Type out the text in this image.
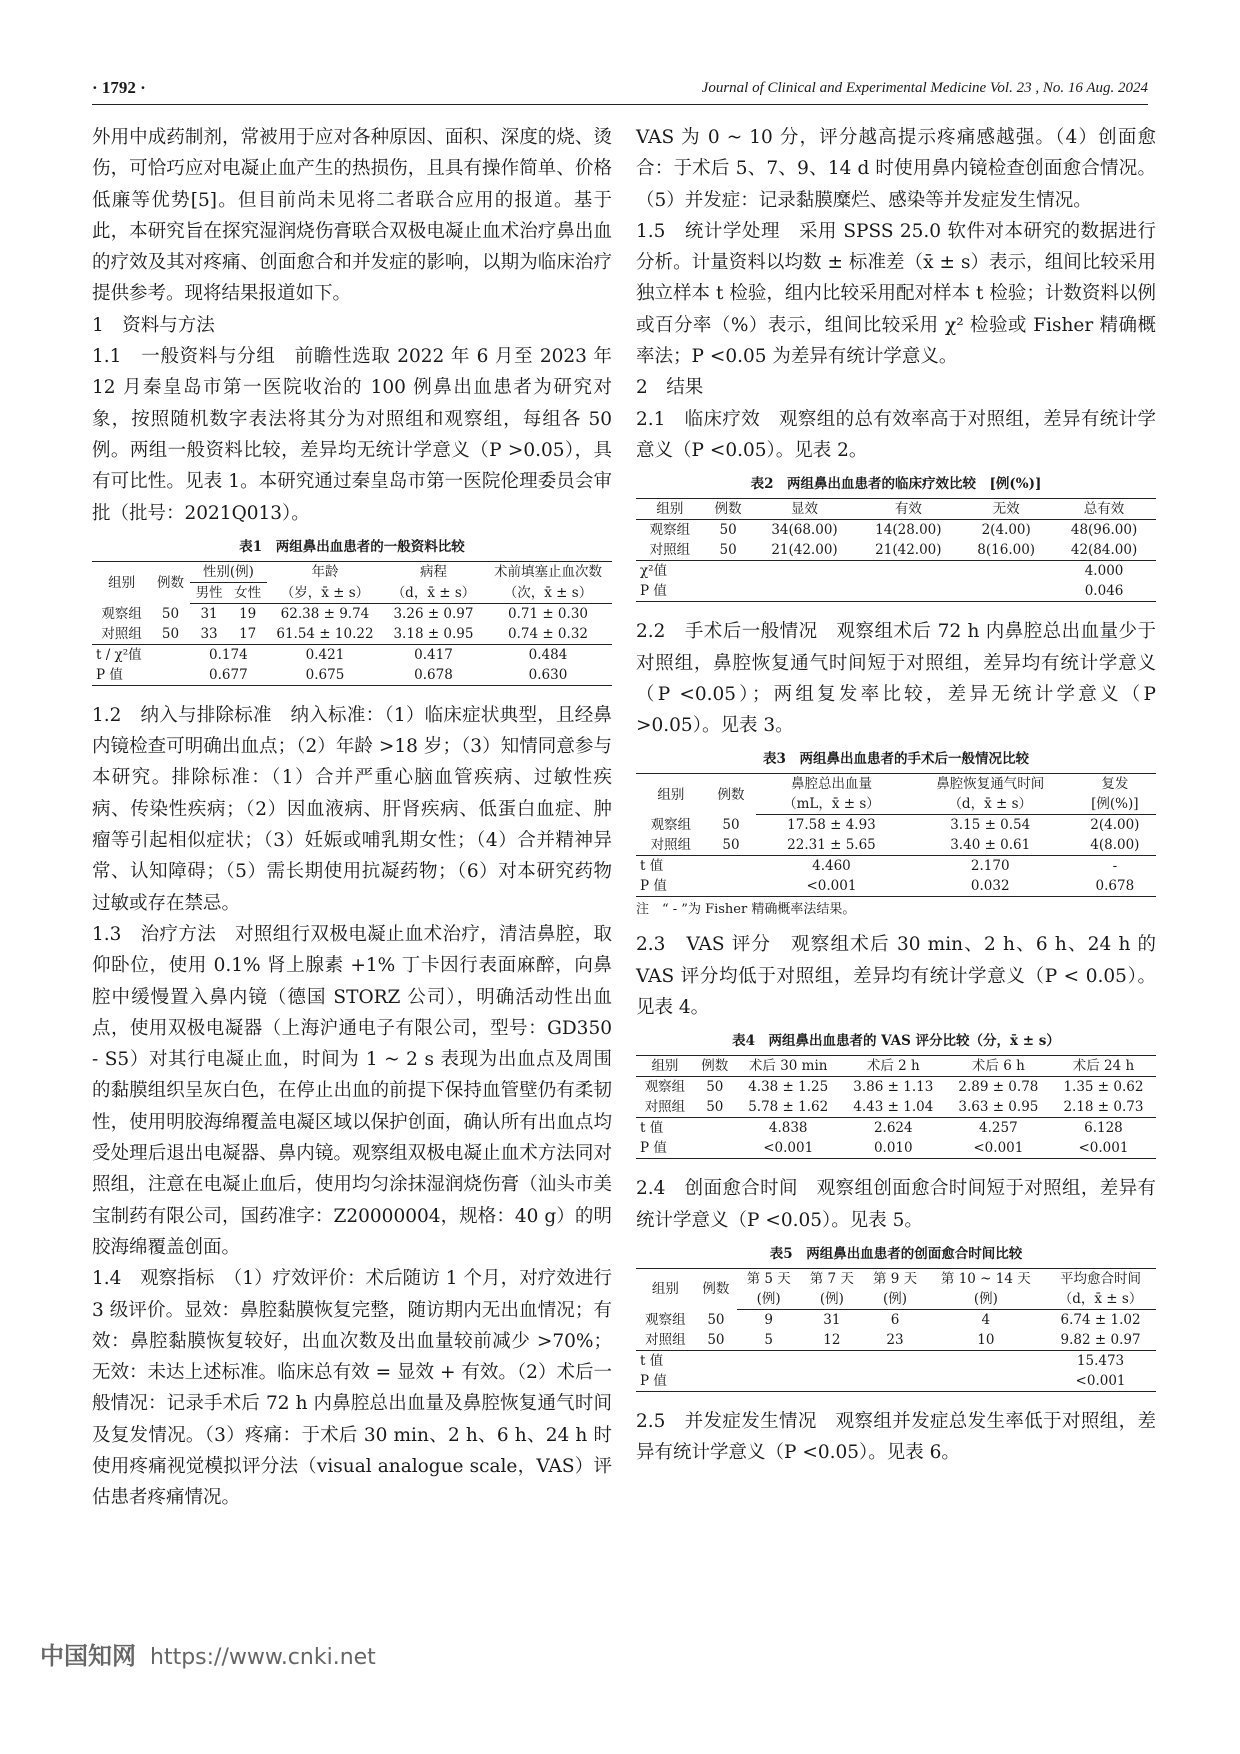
· 1792 ·	Journal of Clinical and Experimental Medicine Vol. 23 , No. 16 Aug. 2024

外用中成药制剂，常被用于应对各种原因、面积、深度的烧、烫伤，可恰巧应对电凝止血产生的热损伤，且具有操作简单、价格低廉等优势[5]。但目前尚未见将二者联合应用的报道。基于此，本研究旨在探究湿润烧伤膏联合双极电凝止血术治疗鼻出血的疗效及其对疼痛、创面愈合和并发症的影响，以期为临床治疗提供参考。现将结果报道如下。

1　资料与方法

1.1　一般资料与分组　前瞻性选取 2022 年 6 月至 2023 年 12 月秦皇岛市第一医院收治的 100 例鼻出血患者为研究对象，按照随机数字表法将其分为对照组和观察组，每组各 50 例。两组一般资料比较，差异均无统计学意义（P >0.05），具有可比性。见表 1。本研究通过秦皇岛市第一医院伦理委员会审批（批号：2021Q013）。

表1　两组鼻出血患者的一般资料比较
组别	例数	性别(例)		年龄	病程	术前填塞止血次数
		男性	女性	（岁，x̄ ± s）	（d，x̄ ± s）	（次，x̄ ± s）
观察组	50	31	19	62.38 ± 9.74	3.26 ± 0.97	0.71 ± 0.30
对照组	50	33	17	61.54 ± 10.22	3.18 ± 0.95	0.74 ± 0.32
t / χ²值		0.174		0.421	0.417	0.484
P 值		0.677		0.675	0.678	0.630

1.2　纳入与排除标准　纳入标准：（1）临床症状典型，且经鼻内镜检查可明确出血点；（2）年龄 >18 岁；（3）知情同意参与本研究。排除标准：（1）合并严重心脑血管疾病、过敏性疾病、传染性疾病；（2）因血液病、肝肾疾病、低蛋白血症、肿瘤等引起相似症状；（3）妊娠或哺乳期女性；（4）合并精神异常、认知障碍；（5）需长期使用抗凝药物；（6）对本研究药物过敏或存在禁忌。

1.3　治疗方法　对照组行双极电凝止血术治疗，清洁鼻腔，取仰卧位，使用 0.1% 肾上腺素 +1% 丁卡因行表面麻醉，向鼻腔中缓慢置入鼻内镜（德国 STORZ 公司），明确活动性出血点，使用双极电凝器（上海沪通电子有限公司，型号：GD350 - S5）对其行电凝止血，时间为 1 ~ 2 s 表现为出血点及周围的黏膜组织呈灰白色，在停止出血的前提下保持血管壁仍有柔韧性，使用明胶海绵覆盖电凝区域以保护创面，确认所有出血点均受处理后退出电凝器、鼻内镜。观察组双极电凝止血术方法同对照组，注意在电凝止血后，使用均匀涂抹湿润烧伤膏（汕头市美宝制药有限公司，国药准字：Z20000004，规格：40 g）的明胶海绵覆盖创面。

1.4　观察指标　（1）疗效评价：术后随访 1 个月，对疗效进行 3 级评价。显效：鼻腔黏膜恢复完整，随访期内无出血情况；有效：鼻腔黏膜恢复较好，出血次数及出血量较前减少 >70%；无效：未达上述标准。临床总有效 = 显效 + 有效。（2）术后一般情况：记录手术后 72 h 内鼻腔总出血量及鼻腔恢复通气时间及复发情况。（3）疼痛：于术后 30 min、2 h、6 h、24 h 时使用疼痛视觉模拟评分法（visual analogue scale，VAS）评估患者疼痛情况。

VAS 为 0 ~ 10 分，评分越高提示疼痛感越强。（4）创面愈合：于术后 5、7、9、14 d 时使用鼻内镜检查创面愈合情况。（5）并发症：记录黏膜糜烂、感染等并发症发生情况。

1.5　统计学处理　采用 SPSS 25.0 软件对本研究的数据进行分析。计量资料以均数 ± 标准差（x̄ ± s）表示，组间比较采用独立样本 t 检验，组内比较采用配对样本 t 检验；计数资料以例或百分率（%）表示，组间比较采用 χ² 检验或 Fisher 精确概率法；P <0.05 为差异有统计学意义。

2　结果

2.1　临床疗效　观察组的总有效率高于对照组，差异有统计学意义（P <0.05）。见表 2。

表2　两组鼻出血患者的临床疗效比较　[例(%)]
组别	例数	显效	有效	无效	总有效
观察组	50	34(68.00)	14(28.00)	2(4.00)	48(96.00)
对照组	50	21(42.00)	21(42.00)	8(16.00)	42(84.00)
χ²值					4.000
P 值					0.046

2.2　手术后一般情况　观察组术后 72 h 内鼻腔总出血量少于对照组，鼻腔恢复通气时间短于对照组，差异均有统计学意义（P <0.05）；两组复发率比较，差异无统计学意义（P >0.05）。见表 3。

表3　两组鼻出血患者的手术后一般情况比较
组别	例数	鼻腔总出血量	鼻腔恢复通气时间	复发
		（mL，x̄ ± s）	（d，x̄ ± s）	[例(%)]
观察组	50	17.58 ± 4.93	3.15 ± 0.54	2(4.00)
对照组	50	22.31 ± 5.65	3.40 ± 0.61	4(8.00)
t 值		4.460	2.170	-
P 值		<0.001	0.032	0.678
注　“ - ”为 Fisher 精确概率法结果。

2.3　VAS 评分　观察组术后 30 min、2 h、6 h、24 h 的 VAS 评分均低于对照组，差异均有统计学意义（P < 0.05）。见表 4。

表4　两组鼻出血患者的 VAS 评分比较（分，x̄ ± s）
组别	例数	术后 30 min	术后 2 h	术后 6 h	术后 24 h
观察组	50	4.38 ± 1.25	3.86 ± 1.13	2.89 ± 0.78	1.35 ± 0.62
对照组	50	5.78 ± 1.62	4.43 ± 1.04	3.63 ± 0.95	2.18 ± 0.73
t 值		4.838	2.624	4.257	6.128
P 值		<0.001	0.010	<0.001	<0.001

2.4　创面愈合时间　观察组创面愈合时间短于对照组，差异有统计学意义（P <0.05）。见表 5。

表5　两组鼻出血患者的创面愈合时间比较
组别	例数	第 5 天	第 7 天	第 9 天	第 10 ~ 14 天	平均愈合时间
		(例)	(例)	(例)	(例)	（d，x̄ ± s）
观察组	50	9	31	6	4	6.74 ± 1.02
对照组	50	5	12	23	10	9.82 ± 0.97
t 值						15.473
P 值						<0.001

2.5　并发症发生情况　观察组并发症总发生率低于对照组，差异有统计学意义（P <0.05）。见表 6。

中国知网 https://www.cnki.net
